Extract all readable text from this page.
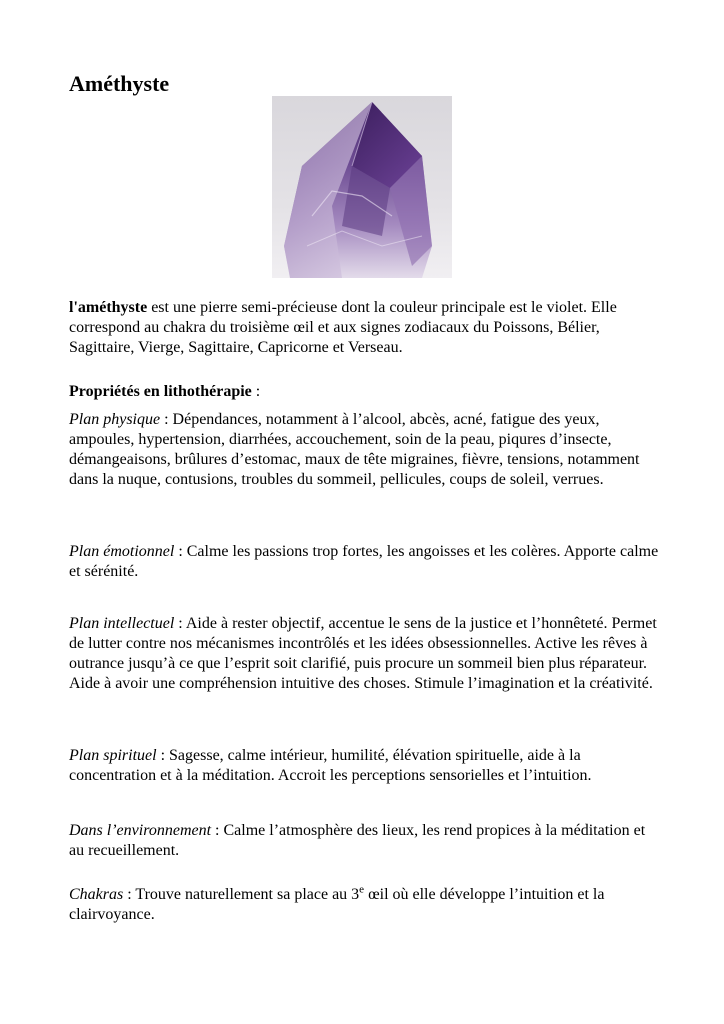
Améthyste

l'améthyste est une pierre semi-précieuse dont la couleur principale est le violet. Elle correspond au chakra du troisième œil et aux signes zodiacaux du Poissons, Bélier, Sagittaire, Vierge, Sagittaire, Capricorne et Verseau.

Propriétés en lithothérapie :

Plan physique : Dépendances, notamment à l’alcool, abcès, acné, fatigue des yeux, ampoules, hypertension, diarrhées, accouchement, soin de la peau, piqures d’insecte, démangeaisons, brûlures d’estomac, maux de tête migraines, fièvre, tensions, notamment dans la nuque, contusions, troubles du sommeil, pellicules, coups de soleil, verrues.

Plan émotionnel : Calme les passions trop fortes, les angoisses et les colères. Apporte calme et sérénité.

Plan intellectuel : Aide à rester objectif, accentue le sens de la justice et l’honnêteté. Permet de lutter contre nos mécanismes incontrôlés et les idées obsessionnelles. Active les rêves à outrance jusqu’à ce que l’esprit soit clarifié, puis procure un sommeil bien plus réparateur. Aide à avoir une compréhension intuitive des choses. Stimule l’imagination et la créativité.

Plan spirituel : Sagesse, calme intérieur, humilité, élévation spirituelle, aide à la concentration et à la méditation. Accroit les perceptions sensorielles et l’intuition.

Dans l’environnement : Calme l’atmosphère des lieux, les rend propices à la méditation et au recueillement.

Chakras : Trouve naturellement sa place au 3e œil où elle développe l’intuition et la clairvoyance.
